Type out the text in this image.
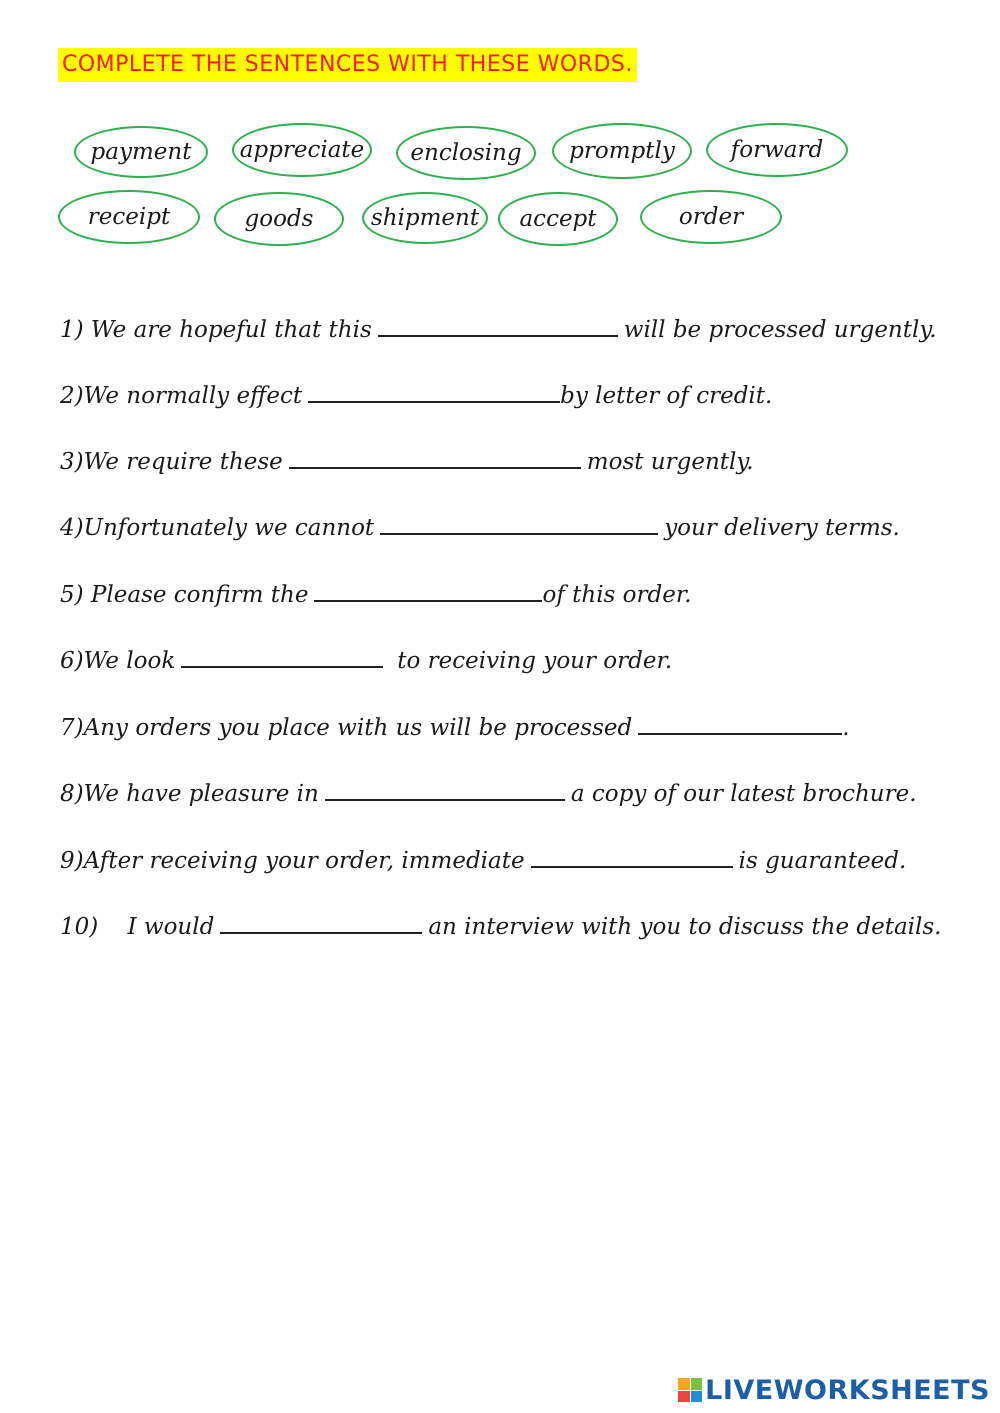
COMPLETE THE SENTENCES WITH THESE WORDS.
payment	appreciate	enclosing	promptly	forward
receipt	goods	shipment	accept	order
1) We are hopeful that this	will be processed urgently.
2)We normally effect	by letter of credit.
3)We require these	most urgently.
4)Unfortunately we cannot	your delivery terms.
5) Please confirm the	of this order.
6)We look	to receiving your order.
7)Any orders you place with us will be processed	.
8)We have pleasure in	a copy of our latest brochure.
9)After receiving your order, immediate	is guaranteed.
10)    I would	an interview with you to discuss the details.
LIVEWORKSHEETS
